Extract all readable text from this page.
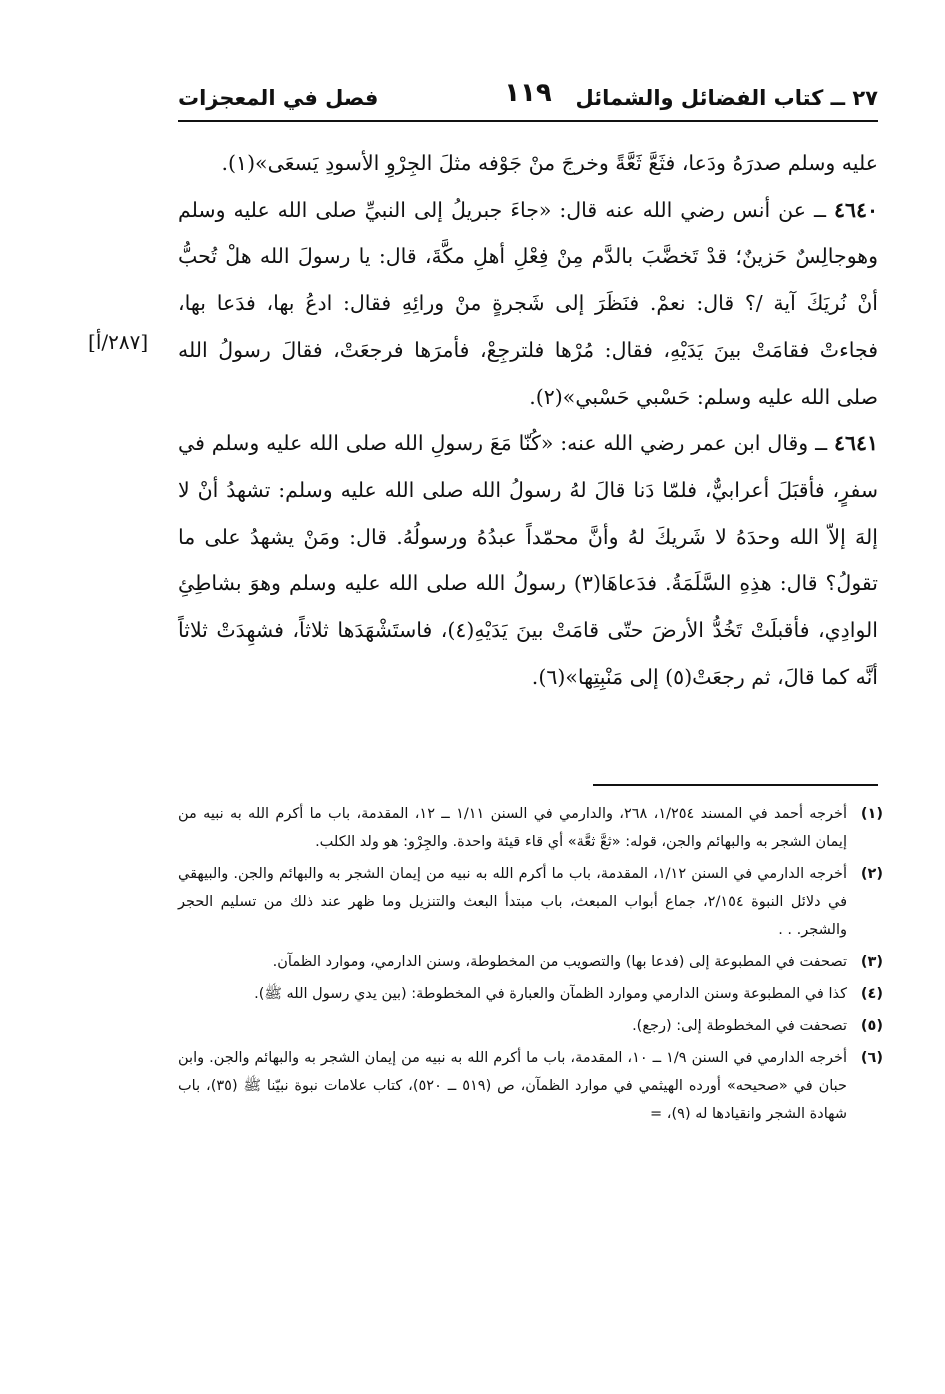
٢٧ ــ كتاب الفضائل والشمائل
١١٩
فصل في المعجزات
[٢٨٧/أ]

عليه وسلم صدرَهُ ودَعا، فثَعَّ ثَعَّةً وخرجَ منْ جَوْفه مثلَ الجِرْوِ الأسودِ يَسعَى»(١).

٤٦٤٠ ــ عن أنس رضي الله عنه قال: «جاءَ جبريلُ إلى النبيِّ صلى الله عليه وسلم وهوجالِسٌ حَزينٌ؛ قدْ تَخضَّبَ بالدَّم مِنْ فِعْلِ أهلِ مكَّةَ، قال: يا رسولَ الله هلْ تُحبُّ أنْ نُريَكَ آية /؟ قال: نعمْ. فنَظَرَ إلى شَجرةٍ منْ ورائِهِ فقال: ادعُ بها، فدَعا بها، فجاءتْ فقامَتْ بينَ يَدَيْهِ، فقال: مُرْها فلترجِعْ، فأمرَها فرجعَتْ، فقالَ رسولُ الله صلى الله عليه وسلم: حَسْبي حَسْبي»(٢).

٤٦٤١ ــ وقال ابن عمر رضي الله عنه: «كُنّا مَعَ رسولِ الله صلى الله عليه وسلم في سفرٍ، فأقبَلَ أعرابيٌّ، فلمّا دَنا قالَ لهُ رسولُ الله صلى الله عليه وسلم: تشهدُ أنْ لا إلهَ إلاّ الله وحدَهُ لا شَريكَ لهُ وأنَّ محمّداً عبدُهُ ورسولُهُ. قال: ومَنْ يشهدُ على ما تقولُ؟ قال: هذِهِ السَّلَمَةُ. فدَعاهَا(٣) رسولُ الله صلى الله عليه وسلم وهوَ بشاطِئِ الوادِي، فأقبلَتْ تَخُدُّ الأرضَ حتّى قامَتْ بينَ يَدَيْهِ(٤)، فاستَشْهَدَها ثلاثاً، فشهِدَتْ ثلاثاً أنَّه كما قالَ، ثم رجعَتْ(٥) إلى مَنْبِتِها»(٦).

(١)
أخرجه أحمد في المسند ١/٢٥٤، ٢٦٨، والدارمي في السنن ١/١١ ــ ١٢، المقدمة، باب ما أكرم الله به نبيه من إيمان الشجر به والبهائم والجن، قوله: «ثعَّ ثعَّة» أي قاء قيئة واحدة. والجِرْو: هو ولد الكلب.
(٢)
أخرجه الدارمي في السنن ١/١٢، المقدمة، باب ما أكرم الله به نبيه من إيمان الشجر به والبهائم والجن. والبيهقي في دلائل النبوة ٢/١٥٤، جماع أبواب المبعث، باب مبتدأ البعث والتنزيل وما ظهر عند ذلك من تسليم الحجر والشجر. . .
(٣)
تصحفت في المطبوعة إلى (فدعا بها) والتصويب من المخطوطة، وسنن الدارمي، وموارد الظمآن.
(٤)
كذا في المطبوعة وسنن الدارمي وموارد الظمآن والعبارة في المخطوطة: (بين يدي رسول الله ﷺ).
(٥)
تصحفت في المخطوطة إلى: (رجع).
(٦)
أخرجه الدارمي في السنن ١/٩ ــ ١٠، المقدمة، باب ما أكرم الله به نبيه من إيمان الشجر به والبهائم والجن. وابن حبان في «صحيحه» أورده الهيثمي في موارد الظمآن، ص (٥١٩ ــ ٥٢٠)، كتاب علامات نبوة نبيّنا ﷺ (٣٥)، باب شهادة الشجر وانقيادها له (٩)، =
